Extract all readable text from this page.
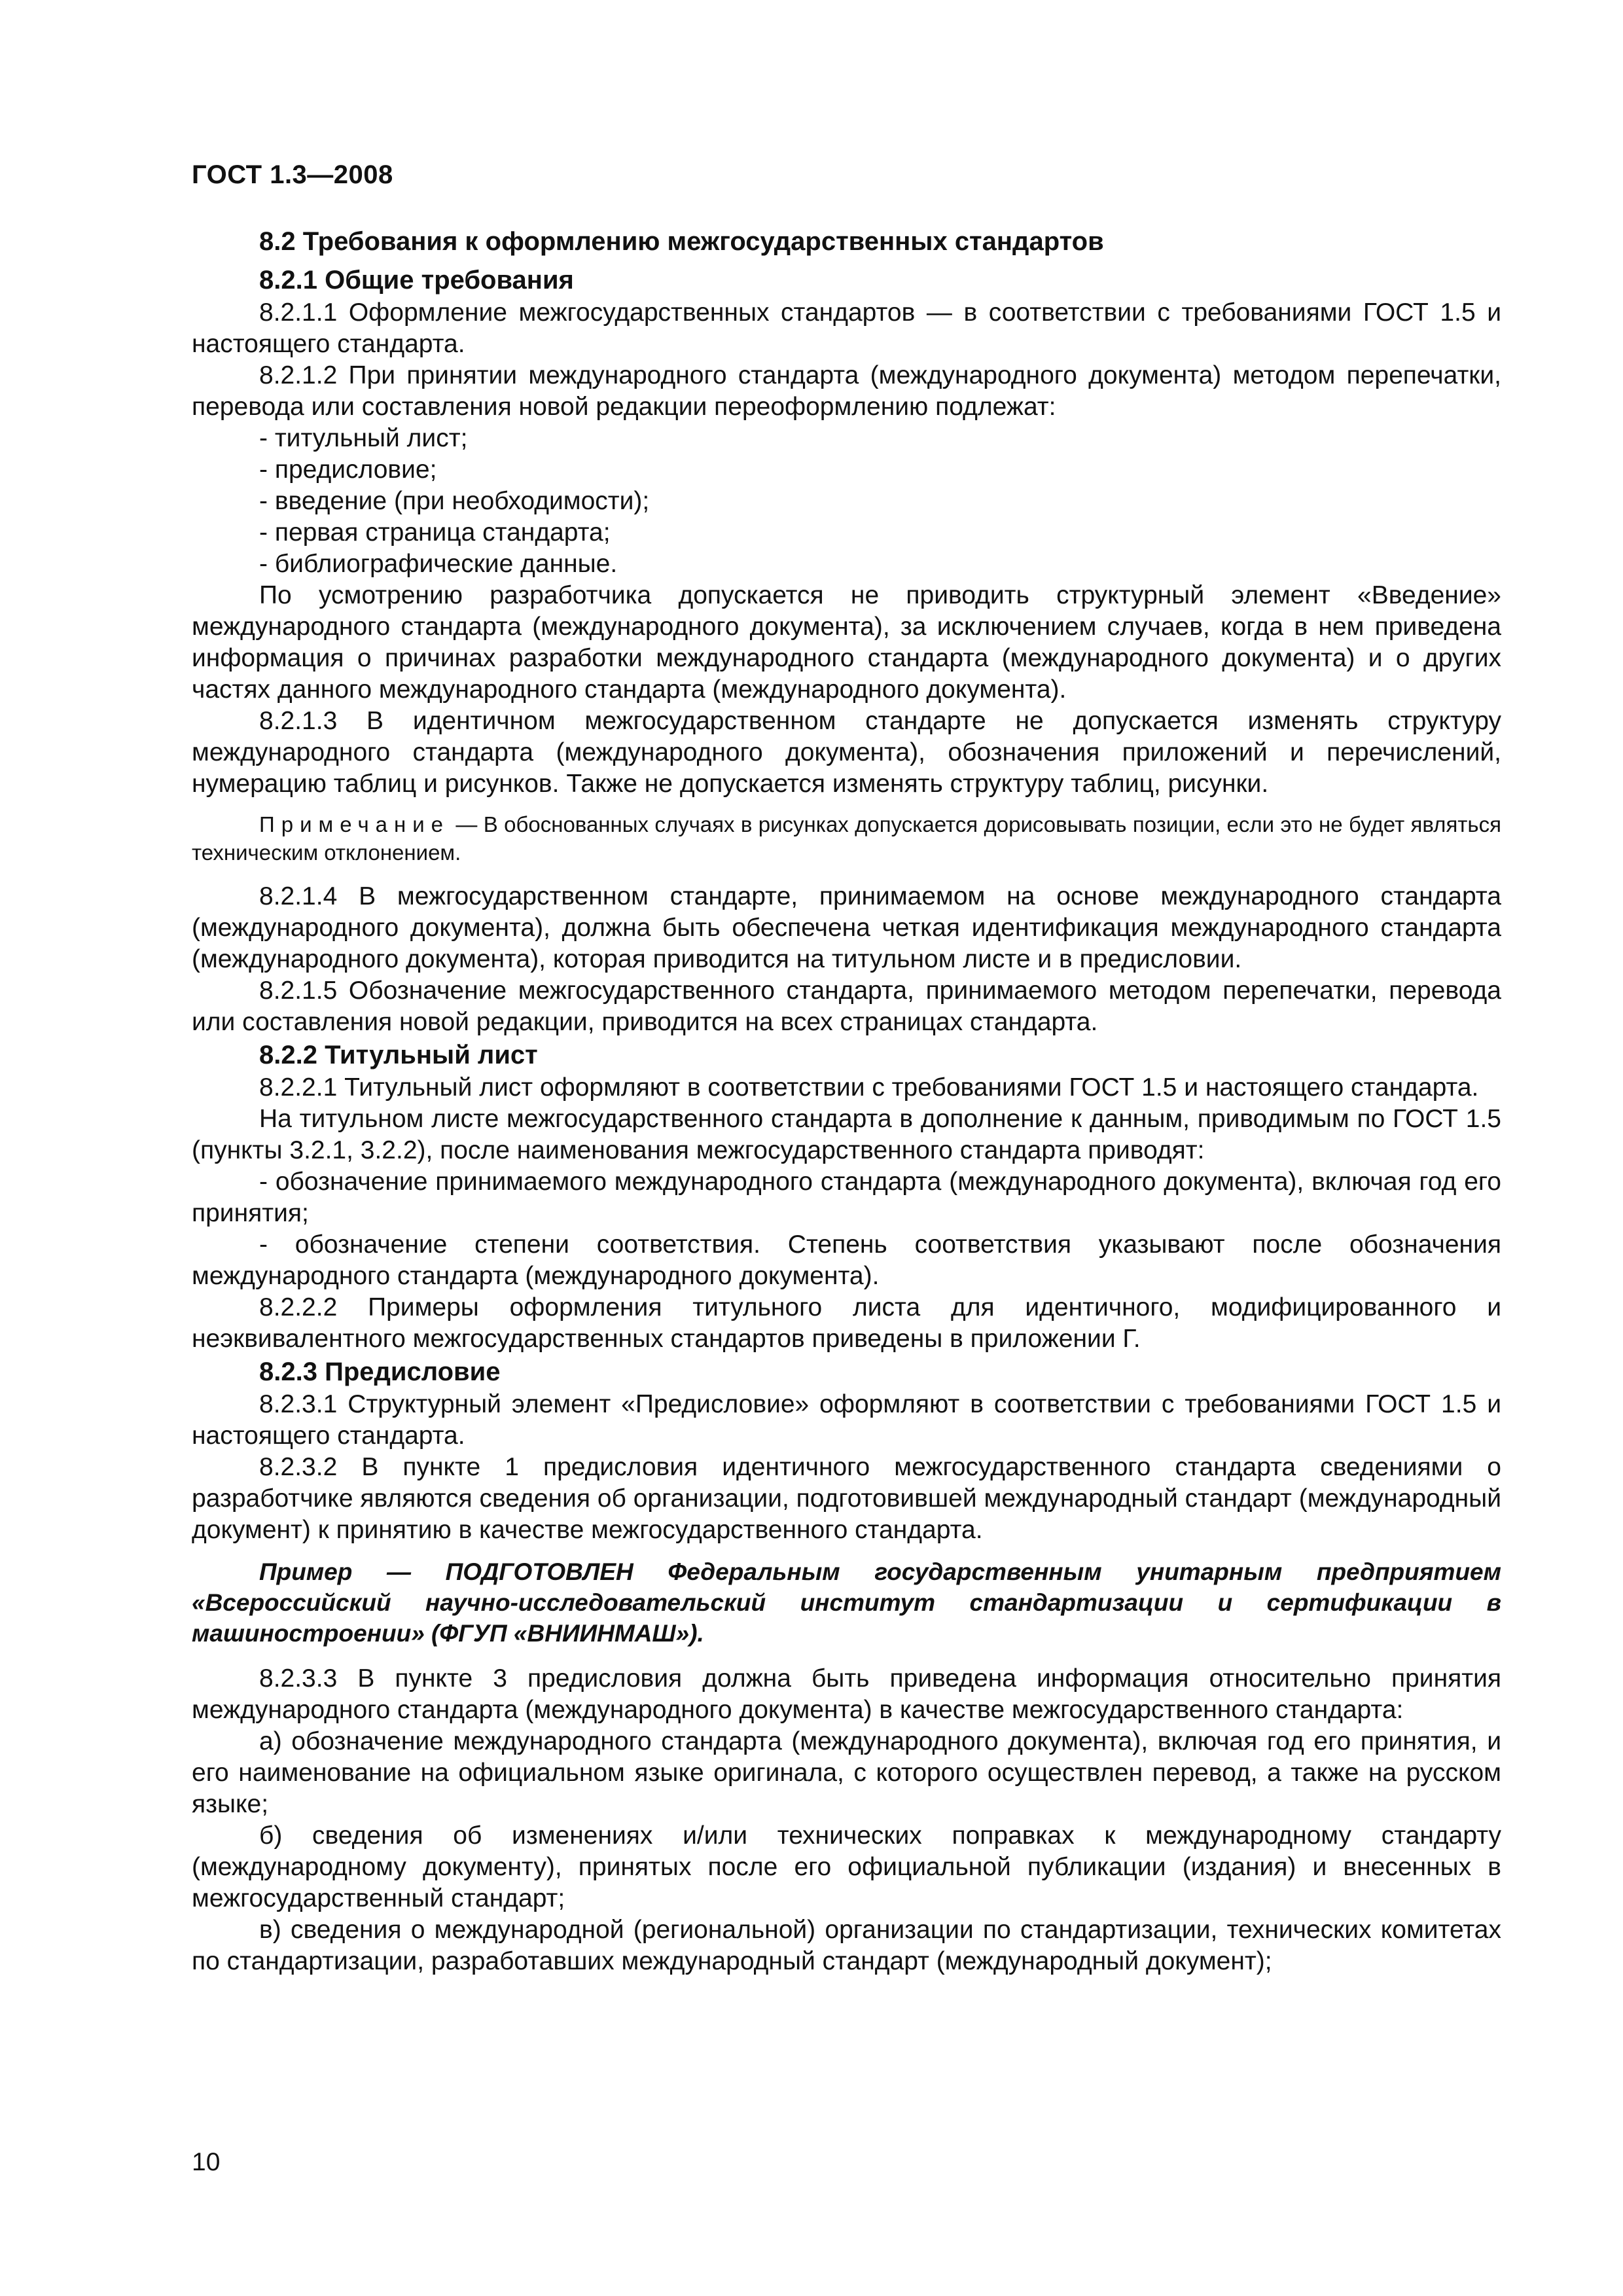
ГОСТ 1.3—2008
8.2 Требования к оформлению межгосударственных стандартов
8.2.1 Общие требования
8.2.1.1 Оформление межгосударственных стандартов — в соответствии с требованиями ГОСТ 1.5 и настоящего стандарта.
8.2.1.2 При принятии международного стандарта (международного документа) методом перепечатки, перевода или составления новой редакции переоформлению подлежат:
- титульный лист;
- предисловие;
- введение (при необходимости);
- первая страница стандарта;
- библиографические данные.
По усмотрению разработчика допускается не приводить структурный элемент «Введение» международного стандарта (международного документа), за исключением случаев, когда в нем приведена информация о причинах разработки международного стандарта (международного документа) и о других частях данного международного стандарта (международного документа).
8.2.1.3 В идентичном межгосударственном стандарте не допускается изменять структуру международного стандарта (международного документа), обозначения приложений и перечислений, нумерацию таблиц и рисунков. Также не допускается изменять структуру таблиц, рисунки.
Примечание — В обоснованных случаях в рисунках допускается дорисовывать позиции, если это не будет являться техническим отклонением.
8.2.1.4 В межгосударственном стандарте, принимаемом на основе международного стандарта (международного документа), должна быть обеспечена четкая идентификация международного стандарта (международного документа), которая приводится на титульном листе и в предисловии.
8.2.1.5 Обозначение межгосударственного стандарта, принимаемого методом перепечатки, перевода или составления новой редакции, приводится на всех страницах стандарта.
8.2.2 Титульный лист
8.2.2.1 Титульный лист оформляют в соответствии с требованиями ГОСТ 1.5 и настоящего стандарта.
На титульном листе межгосударственного стандарта в дополнение к данным, приводимым по ГОСТ 1.5 (пункты 3.2.1, 3.2.2), после наименования межгосударственного стандарта приводят:
- обозначение принимаемого международного стандарта (международного документа), включая год его принятия;
- обозначение степени соответствия. Степень соответствия указывают после обозначения международного стандарта (международного документа).
8.2.2.2 Примеры оформления титульного листа для идентичного, модифицированного и неэквивалентного межгосударственных стандартов приведены в приложении Г.
8.2.3 Предисловие
8.2.3.1 Структурный элемент «Предисловие» оформляют в соответствии с требованиями ГОСТ 1.5 и настоящего стандарта.
8.2.3.2 В пункте 1 предисловия идентичного межгосударственного стандарта сведениями о разработчике являются сведения об организации, подготовившей международный стандарт (международный документ) к принятию в качестве межгосударственного стандарта.
Пример — ПОДГОТОВЛЕН Федеральным государственным унитарным предприятием «Всероссийский научно-исследовательский институт стандартизации и сертификации в машиностроении» (ФГУП «ВНИИНМАШ»).
8.2.3.3 В пункте 3 предисловия должна быть приведена информация относительно принятия международного стандарта (международного документа) в качестве межгосударственного стандарта:
а) обозначение международного стандарта (международного документа), включая год его принятия, и его наименование на официальном языке оригинала, с которого осуществлен перевод, а также на русском языке;
б) сведения об изменениях и/или технических поправках к международному стандарту (международному документу), принятых после его официальной публикации (издания) и внесенных в межгосударственный стандарт;
в) сведения о международной (региональной) организации по стандартизации, технических комитетах по стандартизации, разработавших международный стандарт (международный документ);
10
